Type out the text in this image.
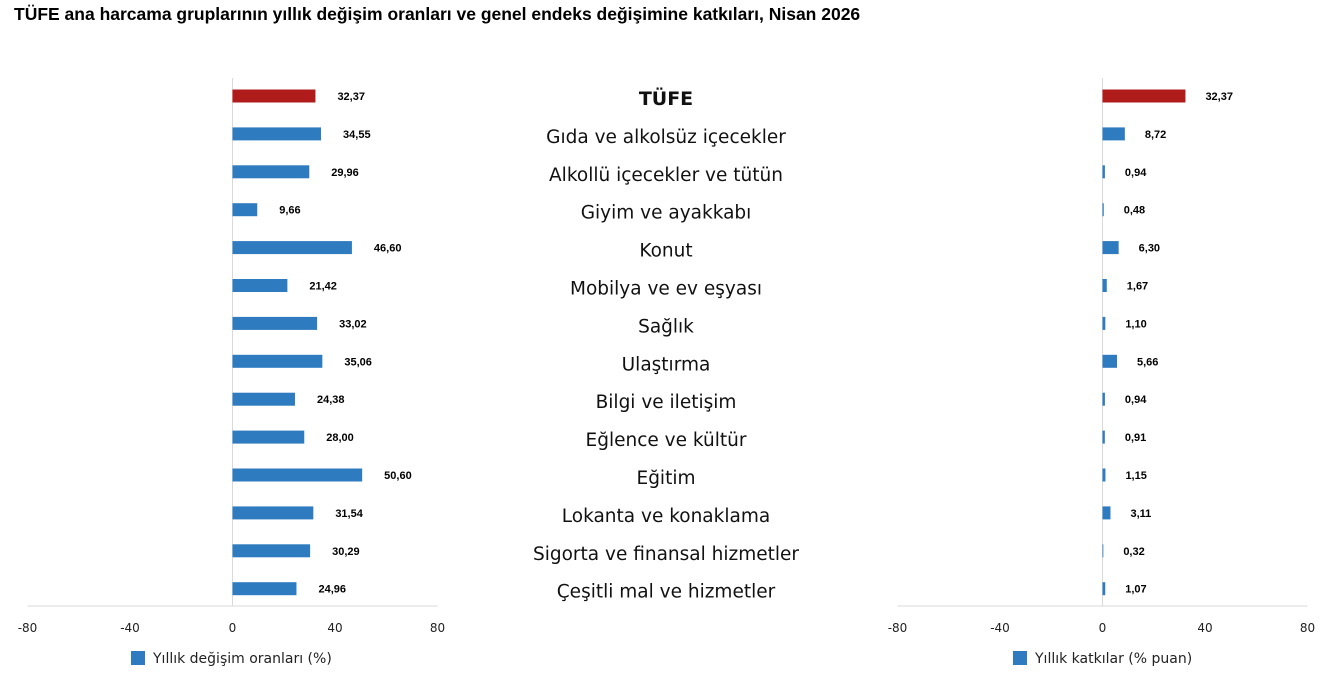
TÜFE ana harcama gruplarının yıllık değişim oranları ve genel endeks değişimine katkıları, Nisan 2026
-80	-40	0	40	80
32,37
34,55
29,96
9,66
46,60
21,42
33,02
35,06
24,38
28,00
50,60
31,54
30,29
24,96
Yıllık değişim oranları (%)
-80	-40	0	40	80
32,37
8,72
0,94
0,48
6,30
1,67
1,10
5,66
0,94
0,91
1,15
3,11
0,32
1,07
Yıllık katkılar (% puan)
TÜFE
Gıda ve alkolsüz içecekler
Alkollü içecekler ve tütün
Giyim ve ayakkabı
Konut
Mobilya ve ev eşyası
Sağlık
Ulaştırma
Bilgi ve iletişim
Eğlence ve kültür
Eğitim
Lokanta ve konaklama
Sigorta ve finansal hizmetler
Çeşitli mal ve hizmetler
